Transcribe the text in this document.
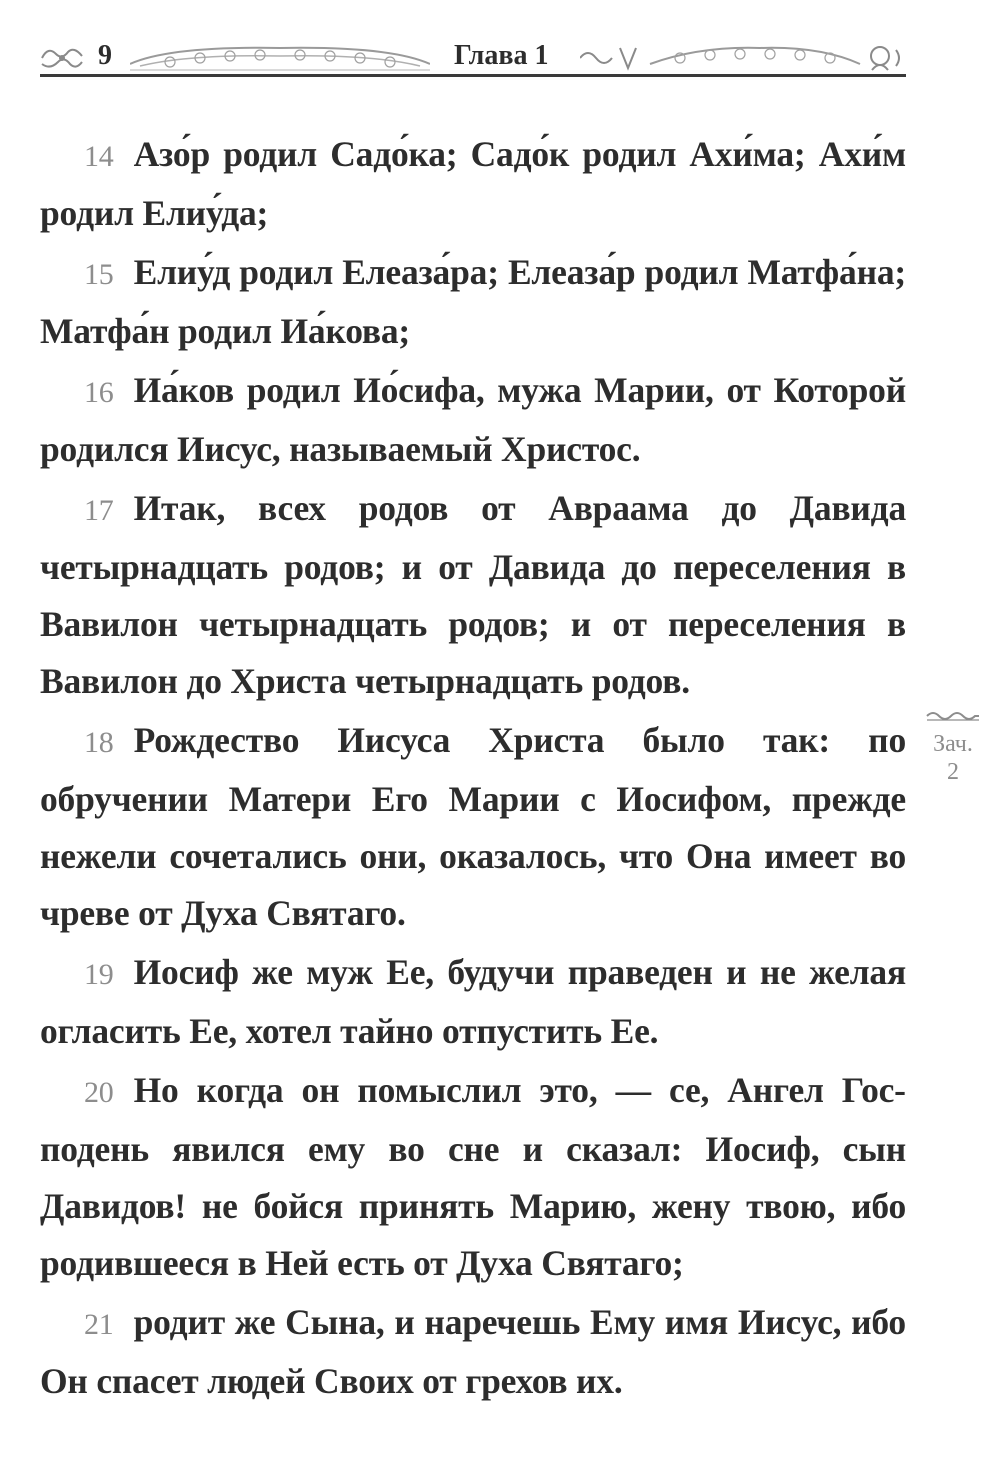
9	Глава 1

14 Азо́р родил Садо́ка; Садо́к родил Ахи́ма; Ахи́м родил Елиу́да;

15 Елиу́д родил Елеаза́ра; Елеаза́р родил Матфа́на; Матфа́н родил Иа́кова;

16 Иа́ков родил Ио́сифа, мужа Марии, от Которой родился Иисус, называемый Христос.

17 Итак, всех родов от Авраама до Давида четырнадцать родов; и от Давида до переселения в Вавилон четырнадцать родов; и от переселения в Вавилон до Христа четырнадцать родов.

18 Рождество Иисуса Христа было так: по обручении Матери Его Марии с Иосифом, прежде нежели сочетались они, оказалось, что Она имеет во чреве от Духа Святаго.

19 Иосиф же муж Ее, будучи праведен и не желая огласить Ее, хотел тайно отпустить Ее.

20 Но когда он помыслил это, — се, Ангел Господень явился ему во сне и сказал: Иосиф, сын Давидов! не бойся принять Марию, жену твою, ибо родившееся в Ней есть от Духа Святаго;

21 родит же Сына, и наречешь Ему имя Иисус, ибо Он спасет людей Своих от грехов их.

Зач.
2
